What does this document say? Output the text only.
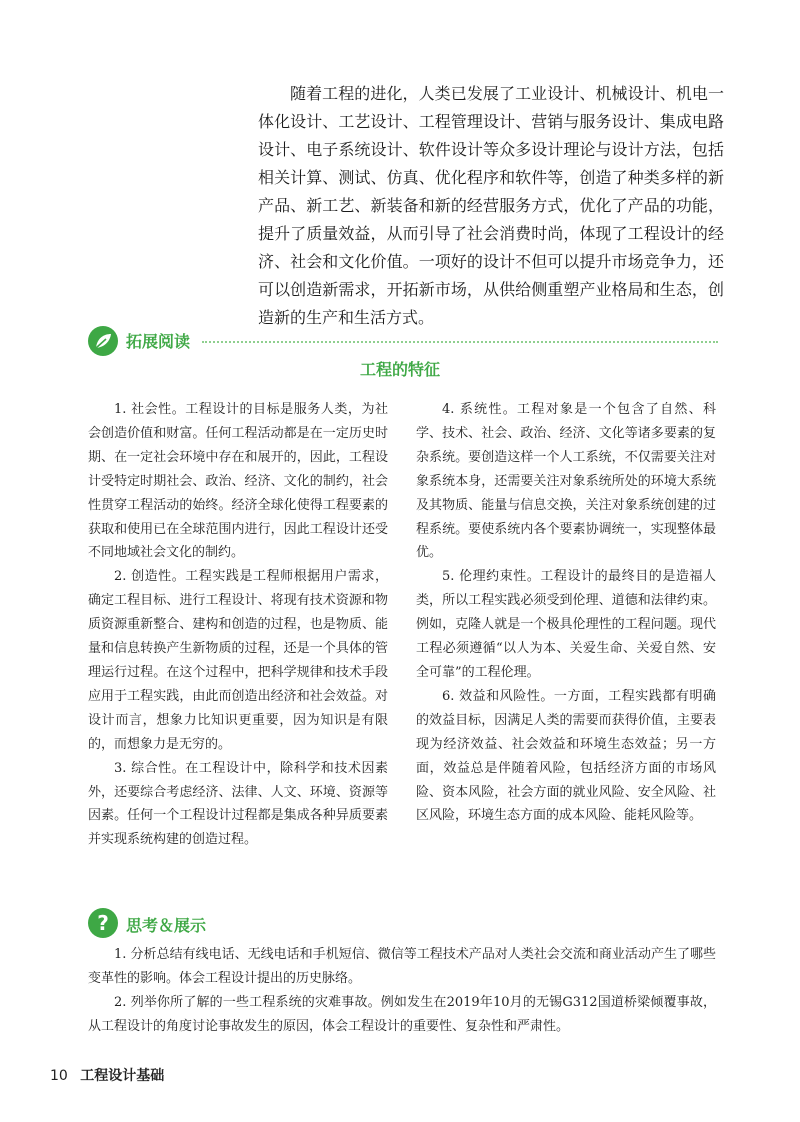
随着工程的进化，人类已发展了工业设计、机械设计、机电一体化设计、工艺设计、工程管理设计、营销与服务设计、集成电路设计、电子系统设计、软件设计等众多设计理论与设计方法，包括相关计算、测试、仿真、优化程序和软件等，创造了种类多样的新产品、新工艺、新装备和新的经营服务方式，优化了产品的功能，提升了质量效益，从而引导了社会消费时尚，体现了工程设计的经济、社会和文化价值。一项好的设计不但可以提升市场竞争力，还可以创造新需求，开拓新市场，从供给侧重塑产业格局和生态，创造新的生产和生活方式。

拓展阅读
工程的特征

1. 社会性。工程设计的目标是服务人类，为社会创造价值和财富。任何工程活动都是在一定历史时期、在一定社会环境中存在和展开的，因此，工程设计受特定时期社会、政治、经济、文化的制约，社会性贯穿工程活动的始终。经济全球化使得工程要素的获取和使用已在全球范围内进行，因此工程设计还受不同地域社会文化的制约。

2. 创造性。工程实践是工程师根据用户需求，确定工程目标、进行工程设计、将现有技术资源和物质资源重新整合、建构和创造的过程，也是物质、能量和信息转换产生新物质的过程，还是一个具体的管理运行过程。在这个过程中，把科学规律和技术手段应用于工程实践，由此而创造出经济和社会效益。对设计而言，想象力比知识更重要，因为知识是有限的，而想象力是无穷的。

3. 综合性。在工程设计中，除科学和技术因素外，还要综合考虑经济、法律、人文、环境、资源等因素。任何一个工程设计过程都是集成各种异质要素并实现系统构建的创造过程。

4. 系统性。工程对象是一个包含了自然、科学、技术、社会、政治、经济、文化等诸多要素的复杂系统。要创造这样一个人工系统，不仅需要关注对象系统本身，还需要关注对象系统所处的环境大系统及其物质、能量与信息交换，关注对象系统创建的过程系统。要使系统内各个要素协调统一，实现整体最优。

5. 伦理约束性。工程设计的最终目的是造福人类，所以工程实践必须受到伦理、道德和法律约束。例如，克隆人就是一个极具伦理性的工程问题。现代工程必须遵循“以人为本、关爱生命、关爱自然、安全可靠”的工程伦理。

6. 效益和风险性。一方面，工程实践都有明确的效益目标，因满足人类的需要而获得价值，主要表现为经济效益、社会效益和环境生态效益；另一方面，效益总是伴随着风险，包括经济方面的市场风险、资本风险，社会方面的就业风险、安全风险、社区风险，环境生态方面的成本风险、能耗风险等。

?	思考＆展示

1. 分析总结有线电话、无线电话和手机短信、微信等工程技术产品对人类社会交流和商业活动产生了哪些变革性的影响。体会工程设计提出的历史脉络。

2. 列举你所了解的一些工程系统的灾难事故。例如发生在2019年10月的无锡G312国道桥梁倾覆事故，从工程设计的角度讨论事故发生的原因，体会工程设计的重要性、复杂性和严肃性。

10 工程设计基础
